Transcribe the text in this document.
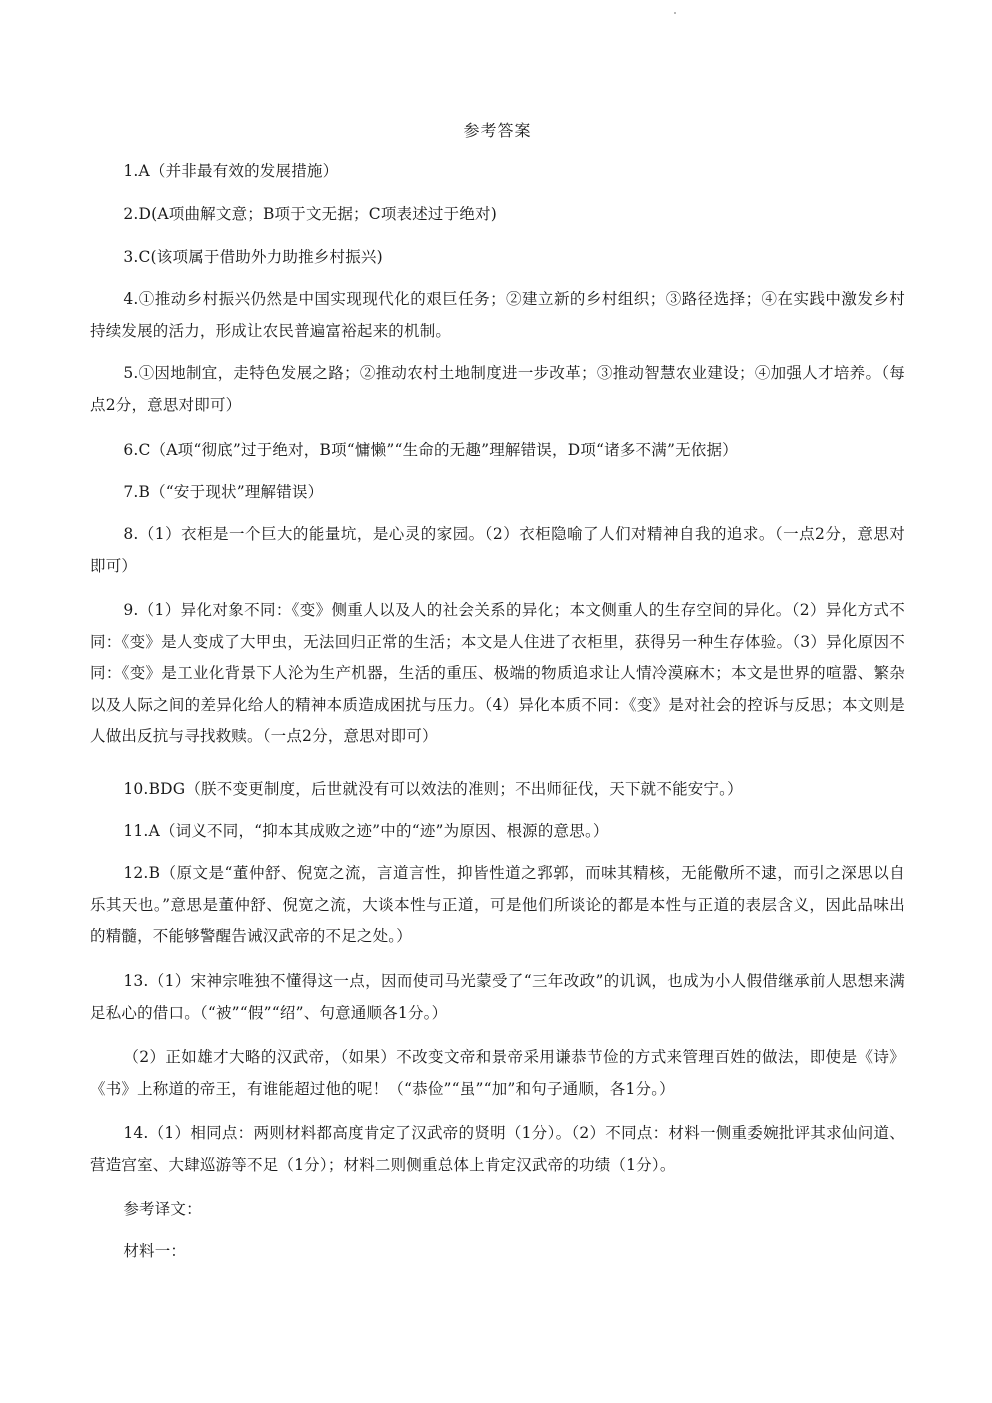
参考答案

1.A（并非最有效的发展措施）

2.D(A项曲解文意；B项于文无据；C项表述过于绝对)

3.C(该项属于借助外力助推乡村振兴)

4.①推动乡村振兴仍然是中国实现现代化的艰巨任务；②建立新的乡村组织；③路径选择；④在实践中激发乡村持续发展的活力，形成让农民普遍富裕起来的机制。

5.①因地制宜，走特色发展之路；②推动农村土地制度进一步改革；③推动智慧农业建设；④加强人才培养。（每点2分，意思对即可）

6.C（A项“彻底”过于绝对，B项“慵懒”“生命的无趣”理解错误，D项“诸多不满”无依据）

7.B（“安于现状”理解错误）

8.（1）衣柜是一个巨大的能量坑，是心灵的家园。（2）衣柜隐喻了人们对精神自我的追求。（一点2分，意思对即可）

9.（1）异化对象不同：《变》侧重人以及人的社会关系的异化；本文侧重人的生存空间的异化。（2）异化方式不同：《变》是人变成了大甲虫，无法回归正常的生活；本文是人住进了衣柜里，获得另一种生存体验。（3）异化原因不同：《变》是工业化背景下人沦为生产机器，生活的重压、极端的物质追求让人情冷漠麻木；本文是世界的喧嚣、繁杂以及人际之间的差异化给人的精神本质造成困扰与压力。（4）异化本质不同：《变》是对社会的控诉与反思；本文则是人做出反抗与寻找救赎。（一点2分，意思对即可）

10.BDG（朕不变更制度，后世就没有可以效法的准则；不出师征伐，天下就不能安宁。）

11.A（词义不同，“抑本其成败之迹”中的“迹”为原因、根源的意思。）

12.B（原文是“董仲舒、倪宽之流，言道言性，抑皆性道之郛郭，而味其精核，无能儆所不逮，而引之深思以自乐其天也。”意思是董仲舒、倪宽之流，大谈本性与正道，可是他们所谈论的都是本性与正道的表层含义，因此品味出的精髓，不能够警醒告诫汉武帝的不足之处。）

13.（1）宋神宗唯独不懂得这一点，因而使司马光蒙受了“三年改政”的讥讽，也成为小人假借继承前人思想来满足私心的借口。（“被”“假”“绍”、句意通顺各1分。）

（2）正如雄才大略的汉武帝，（如果）不改变文帝和景帝采用谦恭节俭的方式来管理百姓的做法，即使是《诗》《书》上称道的帝王，有谁能超过他的呢！（“恭俭”“虽”“加”和句子通顺，各1分。）

14.（1）相同点：两则材料都高度肯定了汉武帝的贤明（1分）。（2）不同点：材料一侧重委婉批评其求仙问道、营造宫室、大肆巡游等不足（1分）；材料二则侧重总体上肯定汉武帝的功绩（1分）。

参考译文：

材料一：
